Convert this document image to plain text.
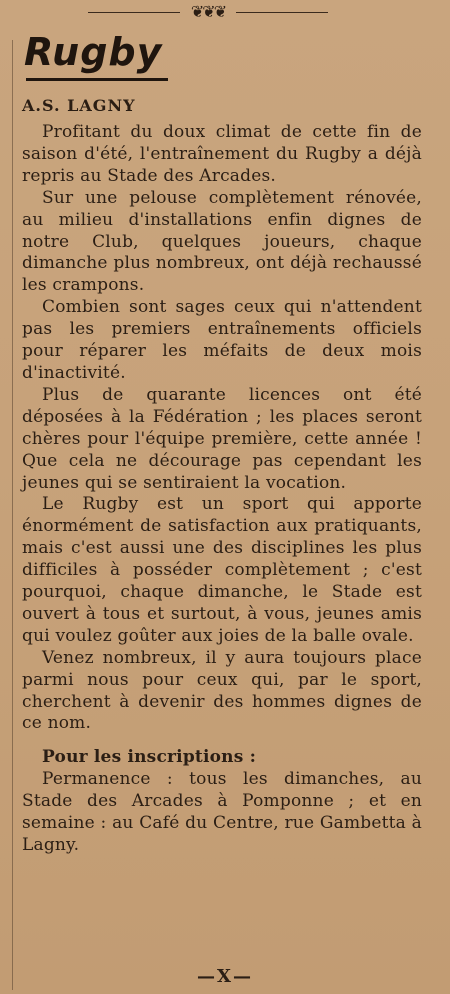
❦❦❦
Rugby
A.S. LAGNY

Profitant du doux climat de cette fin de saison d'été, l'entraînement du Rugby a déjà repris au Stade des Arcades.

Sur une pelouse complètement rénovée, au milieu d'installations enfin dignes de notre Club, quelques joueurs, chaque dimanche plus nombreux, ont déjà rechaussé les crampons.

Combien sont sages ceux qui n'attendent pas les premiers entraînements officiels pour réparer les méfaits de deux mois d'inactivité.

Plus de quarante licences ont été déposées à la Fédération ; les places seront chères pour l'équipe première, cette année ! Que cela ne décourage pas cependant les jeunes qui se sentiraient la vocation.

Le Rugby est un sport qui apporte énormément de satisfaction aux pratiquants, mais c'est aussi une des disciplines les plus difficiles à posséder complètement ; c'est pourquoi, chaque dimanche, le Stade est ouvert à tous et surtout, à vous, jeunes amis qui voulez goûter aux joies de la balle ovale.

Venez nombreux, il y aura toujours place parmi nous pour ceux qui, par le sport, cherchent à devenir des hommes dignes de ce nom.

Pour les inscriptions :

Permanence : tous les dimanches, au Stade des Arcades à Pomponne ; et en semaine : au Café du Centre, rue Gambetta à Lagny.

—X—
